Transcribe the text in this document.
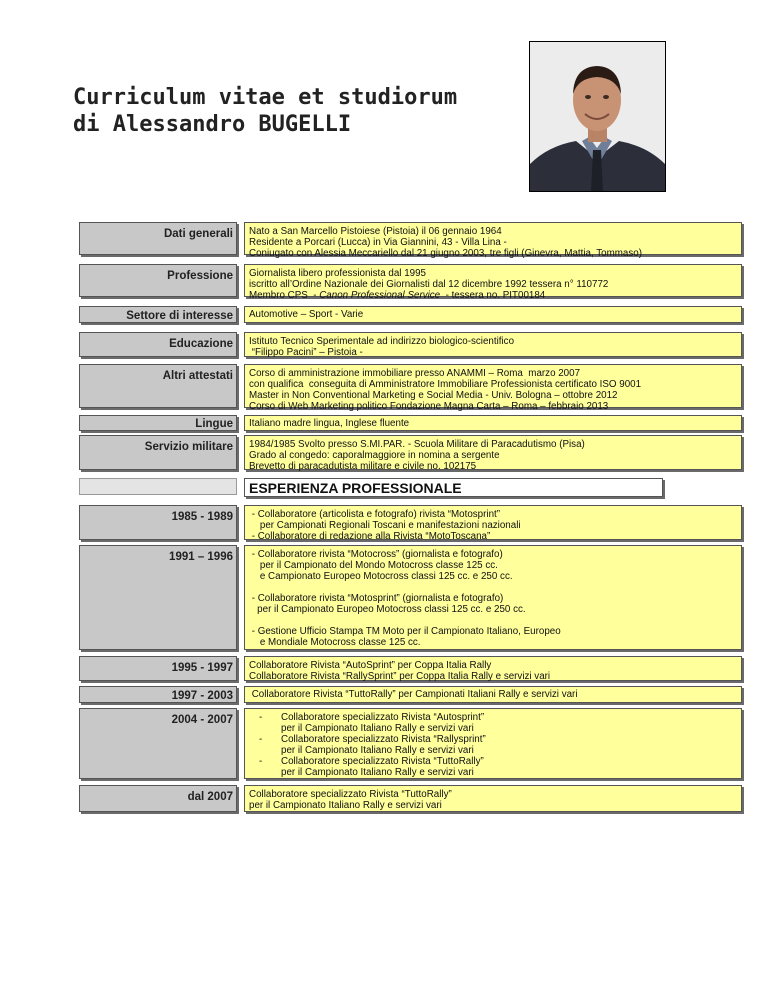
Curriculum vitae et studiorum
di Alessandro BUGELLI
Dati generali	Nato a San Marcello Pistoiese (Pistoia) il 06 gennaio 1964
Residente a Porcari (Lucca) in Via Giannini, 43 - Villa Lina -
Coniugato con Alessia Meccariello dal 21 giugno 2003, tre figli (Ginevra, Mattia, Tommaso)
Professione	Giornalista libero professionista dal 1995
iscritto all’Ordine Nazionale dei Giornalisti dal 12 dicembre 1992 tessera n° 110772
Membro CPS  - Canon Professional Service  - tessera no. PIT00184
Settore di interesse	Automotive – Sport - Varie
Educazione	Istituto Tecnico Sperimentale ad indirizzo biologico-scientifico
“Filippo Pacini” – Pistoia -
Altri attestati	Corso di amministrazione immobiliare presso ANAMMI – Roma  marzo 2007
con qualifica  conseguita di Amministratore Immobiliare Professionista certificato ISO 9001
Master in Non Conventional Marketing e Social Media - Univ. Bologna – ottobre 2012
Corso di Web Marketing politico Fondazione Magna Carta – Roma – febbraio 2013
Lingue	Italiano madre lingua, Inglese fluente
Servizio militare	1984/1985 Svolto presso S.MI.PAR. - Scuola Militare di Paracadutismo (Pisa)
Grado al congedo: caporalmaggiore in nomina a sergente
Brevetto di paracadutista militare e civile no. 102175
ESPERIENZA PROFESSIONALE
1985 - 1989	- Collaboratore (articolista e fotografo) rivista “Motosprint”
per Campionati Regionali Toscani e manifestazioni nazionali
- Collaboratore di redazione alla Rivista “MotoToscana”
1991 – 1996	- Collaboratore rivista “Motocross” (giornalista e fotografo)
per il Campionato del Mondo Motocross classe 125 cc.
e Campionato Europeo Motocross classi 125 cc. e 250 cc.
- Collaboratore rivista “Motosprint” (giornalista e fotografo)
per il Campionato Europeo Motocross classi 125 cc. e 250 cc.
- Gestione Ufficio Stampa TM Moto per il Campionato Italiano, Europeo
e Mondiale Motocross classe 125 cc.
1995 - 1997	Collaboratore Rivista “AutoSprint” per Coppa Italia Rally
Collaboratore Rivista “RallySprint” per Coppa Italia Rally e servizi vari
1997 - 2003	Collaboratore Rivista “TuttoRally” per Campionati Italiani Rally e servizi vari
2004 - 2007	-	Collaboratore specializzato Rivista “Autosprint”
per il Campionato Italiano Rally e servizi vari
-	Collaboratore specializzato Rivista “Rallysprint”
per il Campionato Italiano Rally e servizi vari
-	Collaboratore specializzato Rivista “TuttoRally”
per il Campionato Italiano Rally e servizi vari
dal 2007	Collaboratore specializzato Rivista “TuttoRally”
per il Campionato Italiano Rally e servizi vari
